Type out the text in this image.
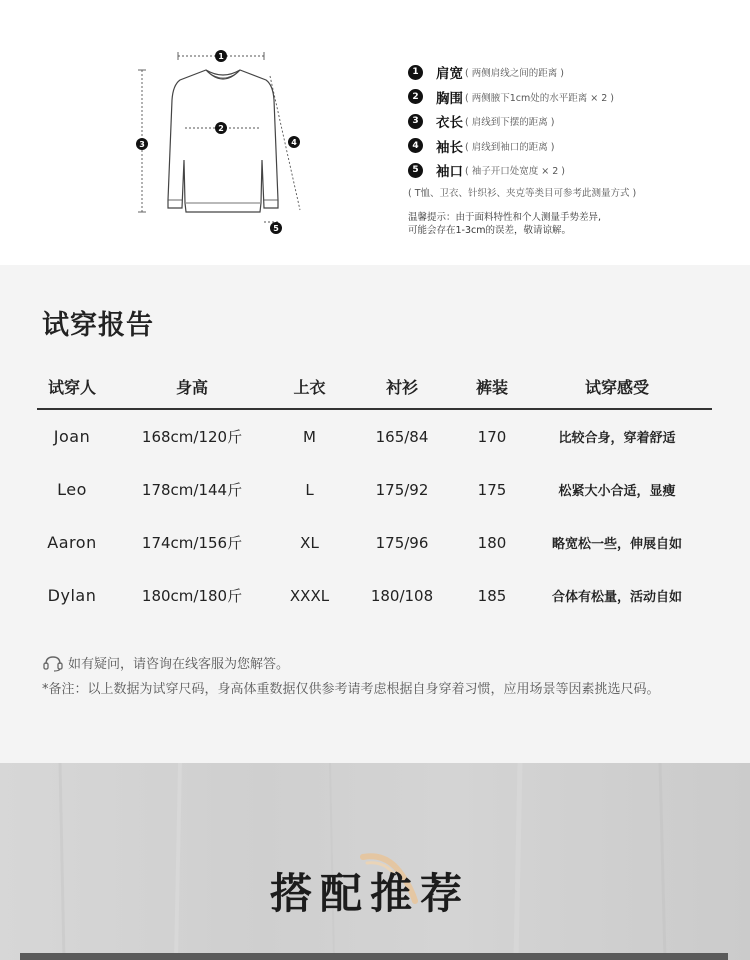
1
2
3	4
5
1	肩宽 ( 两侧肩线之间的距离 )
2	胸围 ( 两侧腋下1cm处的水平距离 × 2 )
3	衣长 ( 肩线到下摆的距离 )
4	袖长 ( 肩线到袖口的距离 )
5	袖口 ( 袖子开口处宽度 × 2 )
( T恤、卫衣、针织衫、夹克等类目可参考此测量方式 )
温馨提示：由于面料特性和个人测量手势差异,
可能会存在1-3cm的误差，敬请谅解。
试穿报告
试穿人	身高	上衣	衬衫	裤装	试穿感受
Joan	168cm/120斤	M	165/84	170	比较合身，穿着舒适
Leo	178cm/144斤	L	175/92	175	松紧大小合适，显瘦
Aaron	174cm/156斤	XL	175/96	180	略宽松一些，伸展自如
Dylan	180cm/180斤	XXXL	180/108	185	合体有松量，活动自如
如有疑问，请咨询在线客服为您解答。
*备注：以上数据为试穿尺码，身高体重数据仅供参考请考虑根据自身穿着习惯，应用场景等因素挑选尺码。
搭配推荐
